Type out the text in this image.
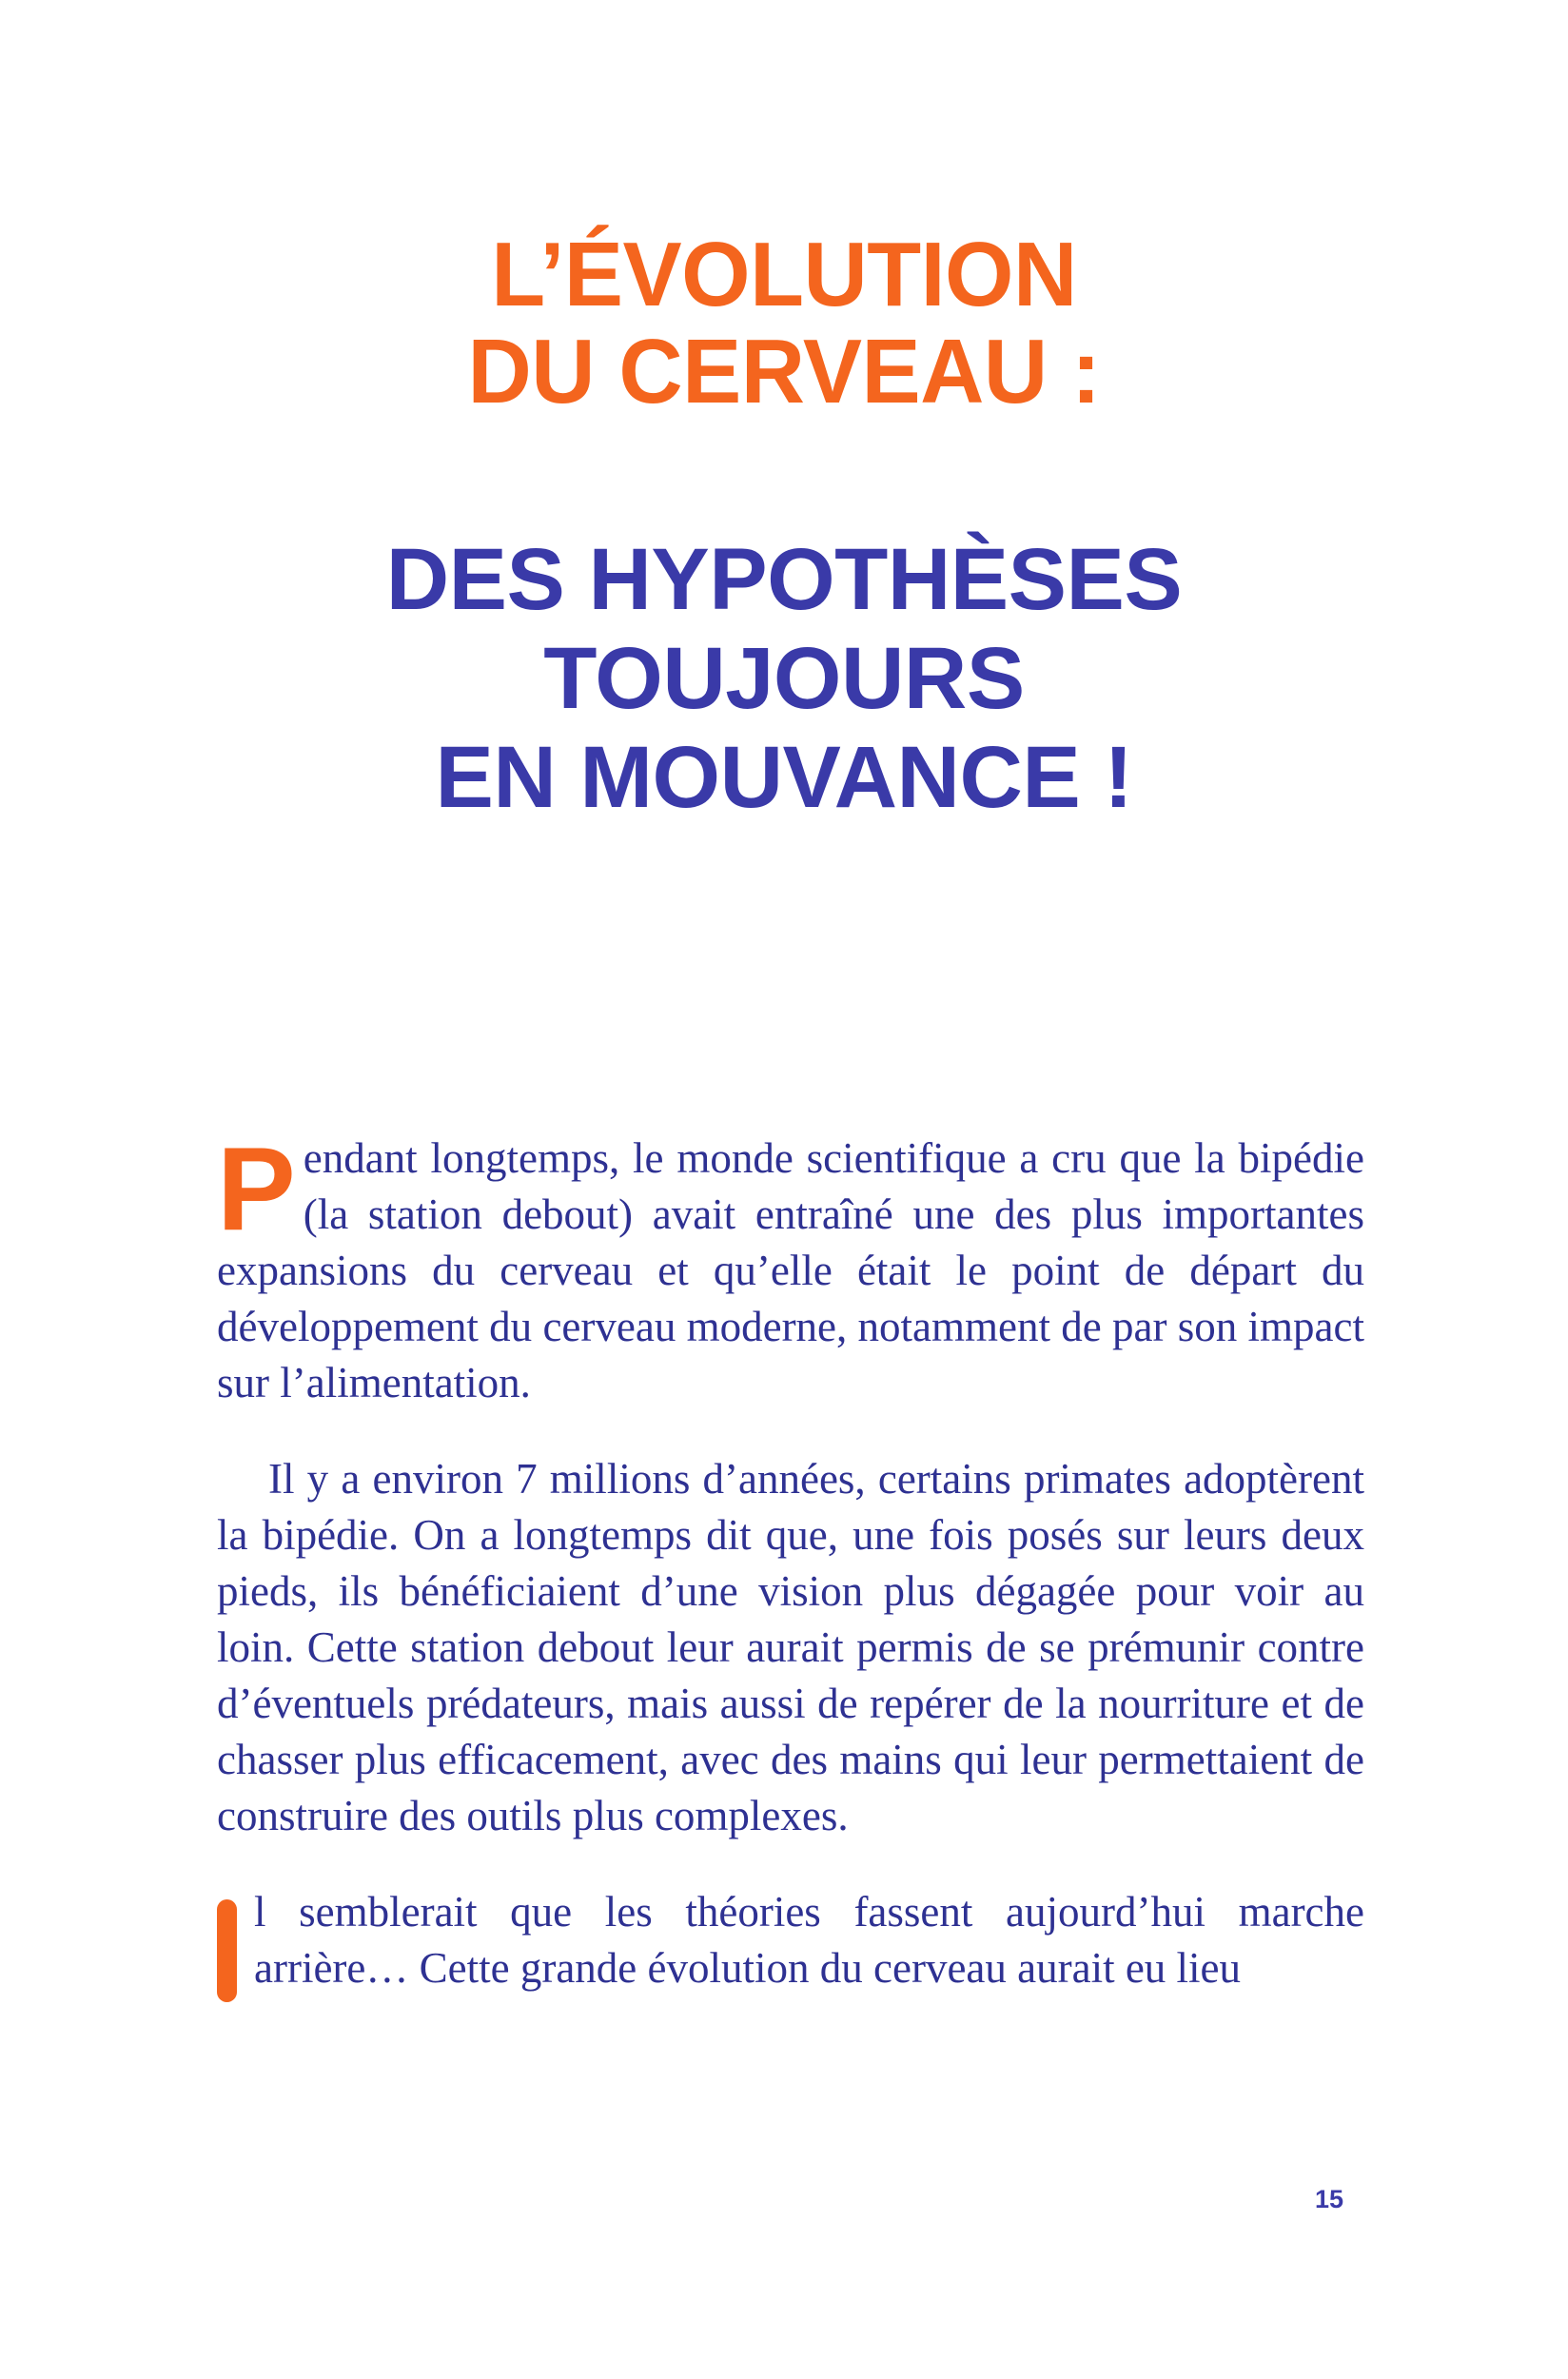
L’ÉVOLUTION
DU CERVEAU :
DES HYPOTHÈSES
TOUJOURS
EN MOUVANCE !

Pendant longtemps, le monde scientifique a cru que la bipédie (la station debout) avait entraîné une des plus importantes expansions du cerveau et qu’elle était le point de départ du développement du cerveau moderne, notamment de par son impact sur l’alimentation.

Il y a environ 7 millions d’années, certains primates adoptèrent la bipédie. On a longtemps dit que, une fois posés sur leurs deux pieds, ils bénéficiaient d’une vision plus dégagée pour voir au loin. Cette station debout leur aurait permis de se prémunir contre d’éventuels prédateurs, mais aussi de repérer de la nourriture et de chasser plus efficacement, avec des mains qui leur permettaient de construire des outils plus complexes.

l semblerait que les théories fassent aujourd’hui marche arrière… Cette grande évolution du cerveau aurait eu lieu

15
